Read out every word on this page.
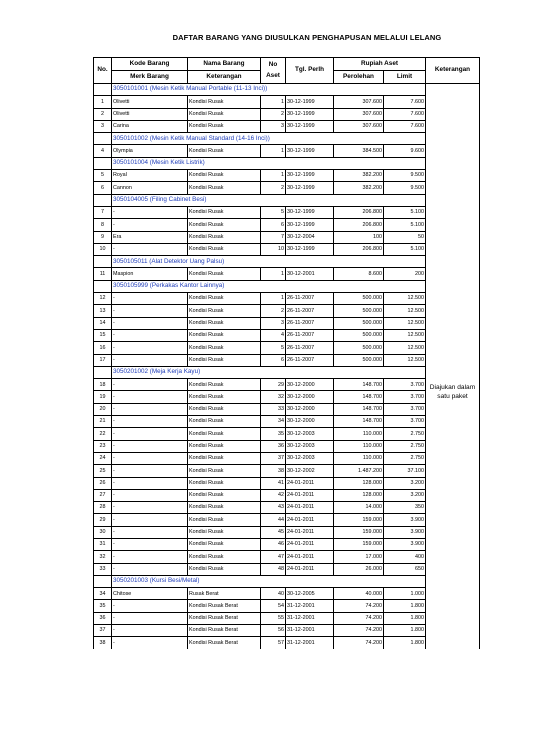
DAFTAR BARANG YANG DIUSULKAN PENGHAPUSAN MELALUI LELANG
No.	Kode Barang	Nama Barang	No
Aset	Tgl. Perlh	Rupiah Aset		Keterangan
	Merk Barang	Keterangan			Perolehan	Limit	
	3050101001 (Mesin Ketik Manual Portable (11-13 Inci))						
1	Olivetti	Kondisi Rusak	1	30-12-1999	307.600	7.600	
2	Olivetti	Kondisi Rusak	2	30-12-1999	307.600	7.600	
3	Carina	Kondisi Rusak	3	30-12-1999	307.600	7.600	
	3050101002 (Mesin Ketik Manual Standard (14-16 Inci))						
4	Olympia	Kondisi Rusak	1	30-12-1999	384.500	9.600	
	3050101004 (Mesin Ketik Listrik)						
5	Royal	Kondisi Rusak	1	30-12-1999	382.200	9.500	
6	Cannon	Kondisi Rusak	2	30-12-1999	382.200	9.500	
	3050104005 (Filing Cabinet Besi)						
7	-	Kondisi Rusak	5	30-12-1999	206.800	5.100	
8	-	Kondisi Rusak	6	30-12-1999	206.800	5.100	
9	Era	Kondisi Rusak	7	30-12-2004	100	50	
10	-	Kondisi Rusak	10	30-12-1999	206.800	5.100	
	3050105011 (Alat Detektor Uang Palsu)						
11	Maspion	Kondisi Rusak	1	30-12-2001	8.600	200	
	3050105999 (Perkakas Kantor Lainnya)						
12	-	Kondisi Rusak	1	26-11-2007	500.000	12.500	
13	-	Kondisi Rusak	2	26-11-2007	500.000	12.500	
14	-	Kondisi Rusak	3	26-11-2007	500.000	12.500	
15	-	Kondisi Rusak	4	26-11-2007	500.000	12.500	
16	-	Kondisi Rusak	5	26-11-2007	500.000	12.500	
17	-	Kondisi Rusak	6	26-11-2007	500.000	12.500	
	3050201002 (Meja Kerja Kayu)						
18	-	Kondisi Rusak	29	30-12-2000	148.700	3.700	Diajukan dalam satu paket
19	-	Kondisi Rusak	32	30-12-2000	148.700	3.700	
20	-	Kondisi Rusak	33	30-12-2000	148.700	3.700	
21	-	Kondisi Rusak	34	30-12-2000	148.700	3.700	
22	-	Kondisi Rusak	35	30-12-2003	110.000	2.750	
23	-	Kondisi Rusak	36	30-12-2003	110.000	2.750	
24	-	Kondisi Rusak	37	30-12-2003	110.000	2.750	
25	-	Kondisi Rusak	38	30-12-2002	1.487.200	37.100	
26	-	Kondisi Rusak	41	24-01-2011	128.000	3.200	
27	-	Kondisi Rusak	42	24-01-2011	128.000	3.200	
28	-	Kondisi Rusak	43	24-01-2011	14.000	350	
29	-	Kondisi Rusak	44	24-01-2011	159.000	3.900	
30	-	Kondisi Rusak	45	24-01-2011	159.000	3.900	
31	-	Kondisi Rusak	46	24-01-2011	159.000	3.900	
32	-	Kondisi Rusak	47	24-01-2011	17.000	400	
33	-	Kondisi Rusak	48	24-01-2011	26.000	650	
	3050201003 (Kursi Besi/Metal)						
34	Chitose	Rusak Berat	40	30-12-2005	40.000	1.000	
35	-	Kondisi Rusak Berat	54	31-12-2001	74.200	1.800	
36	-	Kondisi Rusak Berat	55	31-12-2001	74.200	1.800	
37	-	Kondisi Rusak Berat	56	31-12-2001	74.200	1.800	
38	-	Kondisi Rusak Berat	57	31-12-2001	74.200	1.800	
